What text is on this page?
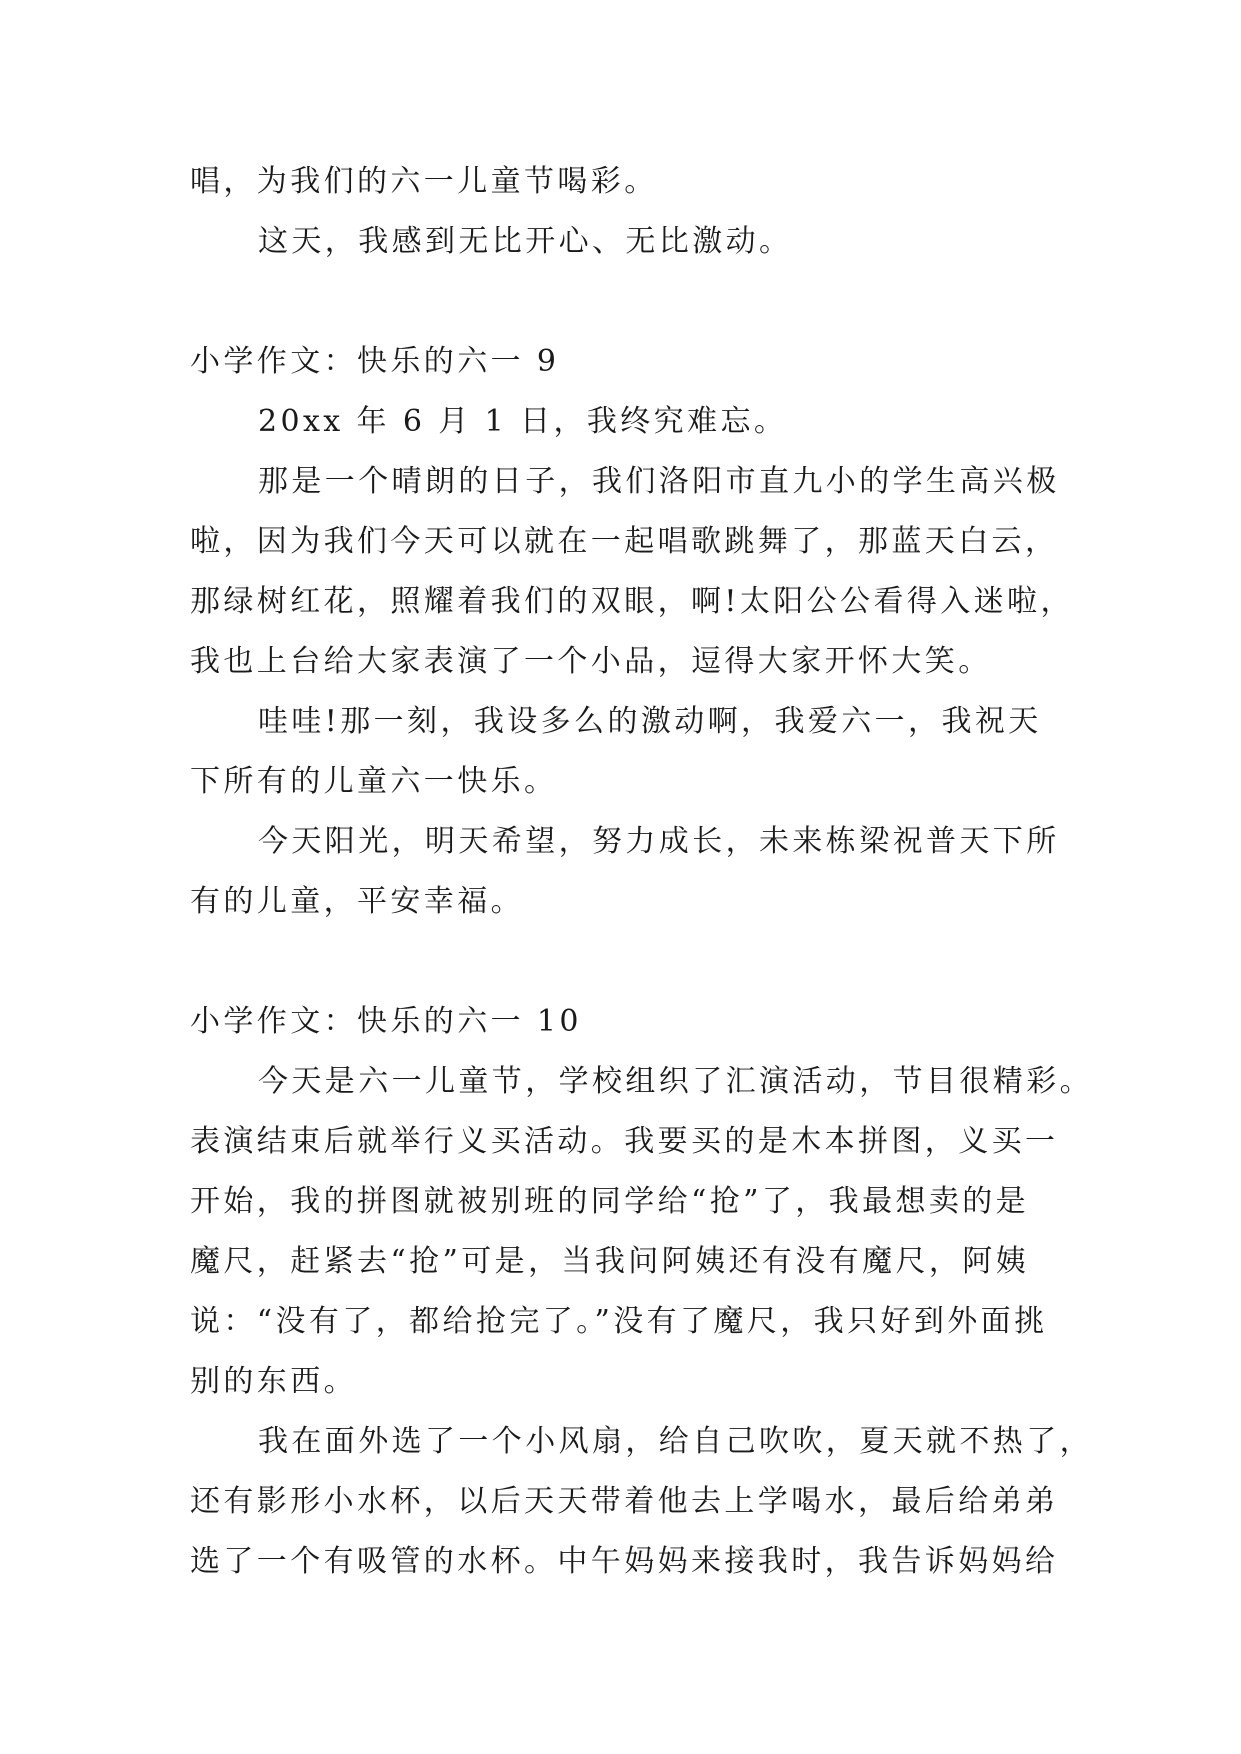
唱，为我们的六一儿童节喝彩。
这天，我感到无比开心、无比激动。
小学作文：快乐的六一 9
20xx 年 6 月 1 日，我终究难忘。
那是一个晴朗的日子，我们洛阳市直九小的学生高兴极
啦，因为我们今天可以就在一起唱歌跳舞了，那蓝天白云，
那绿树红花，照耀着我们的双眼，啊!太阳公公看得入迷啦，
我也上台给大家表演了一个小品，逗得大家开怀大笑。
哇哇!那一刻，我设多么的激动啊，我爱六一，我祝天
下所有的儿童六一快乐。
今天阳光，明天希望，努力成长，未来栋梁祝普天下所
有的儿童，平安幸福。
小学作文：快乐的六一 10
今天是六一儿童节，学校组织了汇演活动，节目很精彩。
表演结束后就举行义买活动。我要买的是木本拼图，义买一
开始，我的拼图就被别班的同学给“抢”了，我最想卖的是
魔尺，赶紧去“抢”可是，当我问阿姨还有没有魔尺，阿姨
说：“没有了，都给抢完了。”没有了魔尺，我只好到外面挑
别的东西。
我在面外选了一个小风扇，给自己吹吹，夏天就不热了，
还有影形小水杯，以后天天带着他去上学喝水，最后给弟弟
选了一个有吸管的水杯。中午妈妈来接我时，我告诉妈妈给
